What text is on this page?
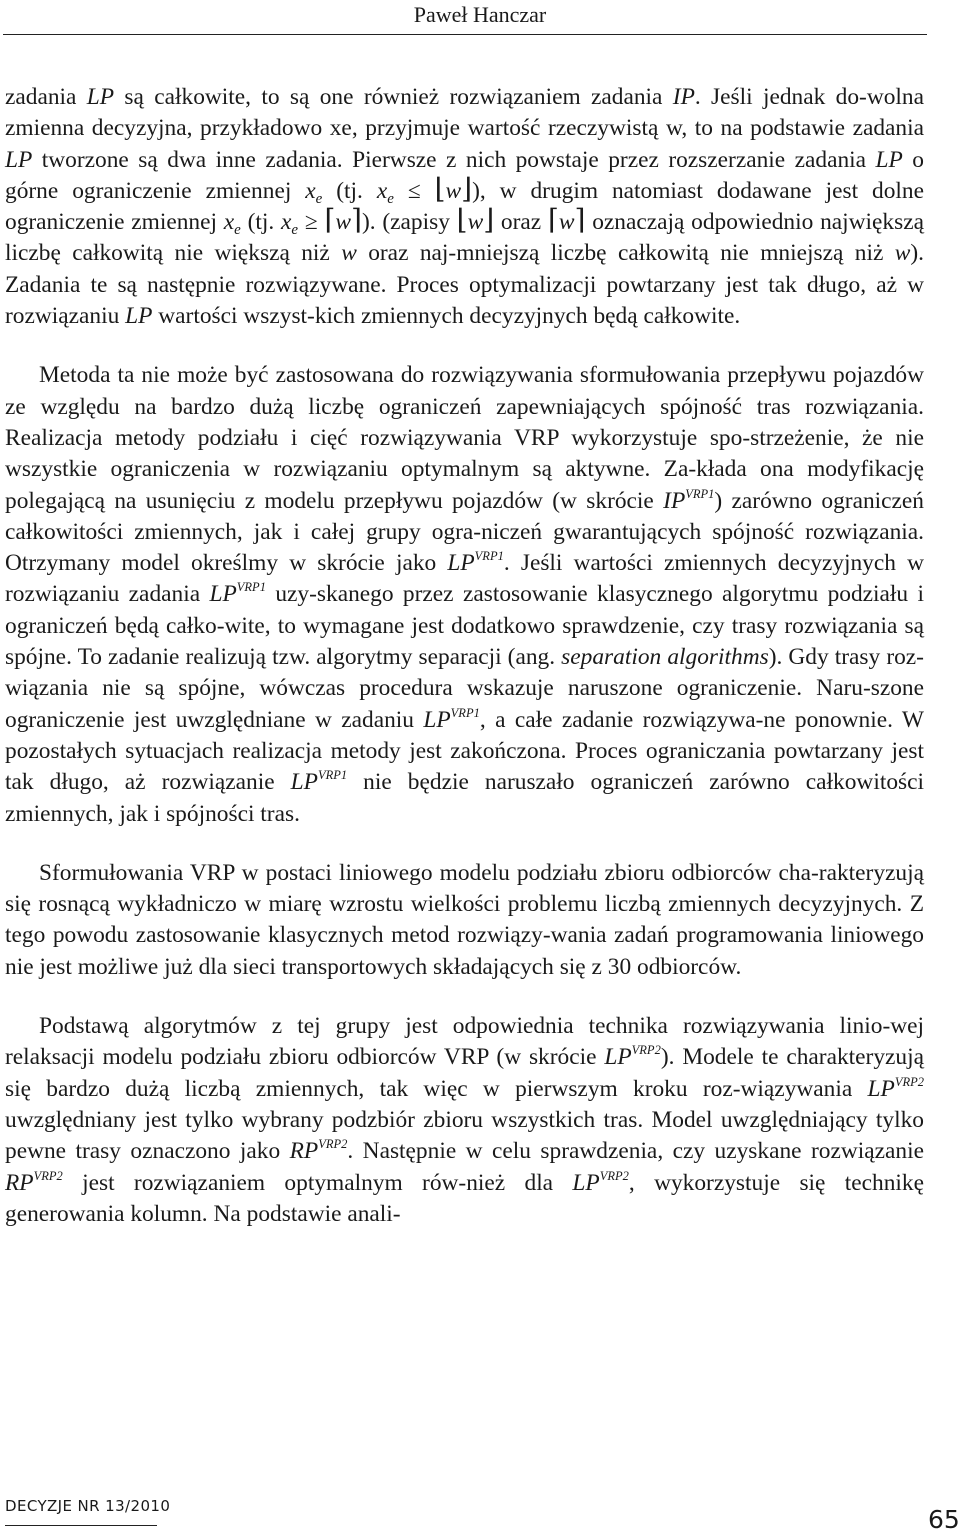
Paweł Hanczar

zadania LP są całkowite, to są one również rozwiązaniem zadania IP. Jeśli jednak do-wolna zmienna decyzyjna, przykładowo xe, przyjmuje wartość rzeczywistą w, to na podstawie zadania LP tworzone są dwa inne zadania. Pierwsze z nich powstaje przez rozszerzanie zadania LP o górne ograniczenie zmiennej $x_e$ (tj. $x_e$ ≤ ⌊w⌋), w drugim natomiast dodawane jest dolne ograniczenie zmiennej $x_e$ (tj. $x_e$ ≥ ⌈w⌉). (zapisy ⌊w⌋ oraz ⌈w⌉ oznaczają odpowiednio największą liczbę całkowitą nie większą niż w oraz naj-mniejszą liczbę całkowitą nie mniejszą niż w). Zadania te są następnie rozwiązywane. Proces optymalizacji powtarzany jest tak długo, aż w rozwiązaniu LP wartości wszyst-kich zmiennych decyzyjnych będą całkowite.

Metoda ta nie może być zastosowana do rozwiązywania sformułowania przepływu pojazdów ze względu na bardzo dużą liczbę ograniczeń zapewniających spójność tras rozwiązania. Realizacja metody podziału i cięć rozwiązywania VRP wykorzystuje spo-strzeżenie, że nie wszystkie ograniczenia w rozwiązaniu optymalnym są aktywne. Za-kłada ona modyfikację polegającą na usunięciu z modelu przepływu pojazdów (w skrócie $IP^{VRP1}$) zarówno ograniczeń całkowitości zmiennych, jak i całej grupy ogra-niczeń gwarantujących spójność rozwiązania. Otrzymany model określmy w skrócie jako $LP^{VRP1}$. Jeśli wartości zmiennych decyzyjnych w rozwiązaniu zadania $LP^{VRP1}$ uzy-skanego przez zastosowanie klasycznego algorytmu podziału i ograniczeń będą całko-wite, to wymagane jest dodatkowo sprawdzenie, czy trasy rozwiązania są spójne. To zadanie realizują tzw. algorytmy separacji (ang. separation algorithms). Gdy trasy roz-wiązania nie są spójne, wówczas procedura wskazuje naruszone ograniczenie. Naru-szone ograniczenie jest uwzględniane w zadaniu $LP^{VRP1}$, a całe zadanie rozwiązywa-ne ponownie. W pozostałych sytuacjach realizacja metody jest zakończona. Proces ograniczania powtarzany jest tak długo, aż rozwiązanie $LP^{VRP1}$ nie będzie naruszało ograniczeń zarówno całkowitości zmiennych, jak i spójności tras.

Sformułowania VRP w postaci liniowego modelu podziału zbioru odbiorców cha-rakteryzują się rosnącą wykładniczo w miarę wzrostu wielkości problemu liczbą zmiennych decyzyjnych. Z tego powodu zastosowanie klasycznych metod rozwiązy-wania zadań programowania liniowego nie jest możliwe już dla sieci transportowych składających się z 30 odbiorców.

Podstawą algorytmów z tej grupy jest odpowiednia technika rozwiązywania linio-wej relaksacji modelu podziału zbioru odbiorców VRP (w skrócie $LP^{VRP2}$). Modele te charakteryzują się bardzo dużą liczbą zmiennych, tak więc w pierwszym kroku roz-wiązywania $LP^{VRP2}$ uwzględniany jest tylko wybrany podzbiór zbioru wszystkich tras. Model uwzględniający tylko pewne trasy oznaczono jako $RP^{VRP2}$. Następnie w celu sprawdzenia, czy uzyskane rozwiązanie $RP^{VRP2}$ jest rozwiązaniem optymalnym rów-nież dla $LP^{VRP2}$, wykorzystuje się technikę generowania kolumn. Na podstawie anali-

DECYZJE NR 13/2010	65
